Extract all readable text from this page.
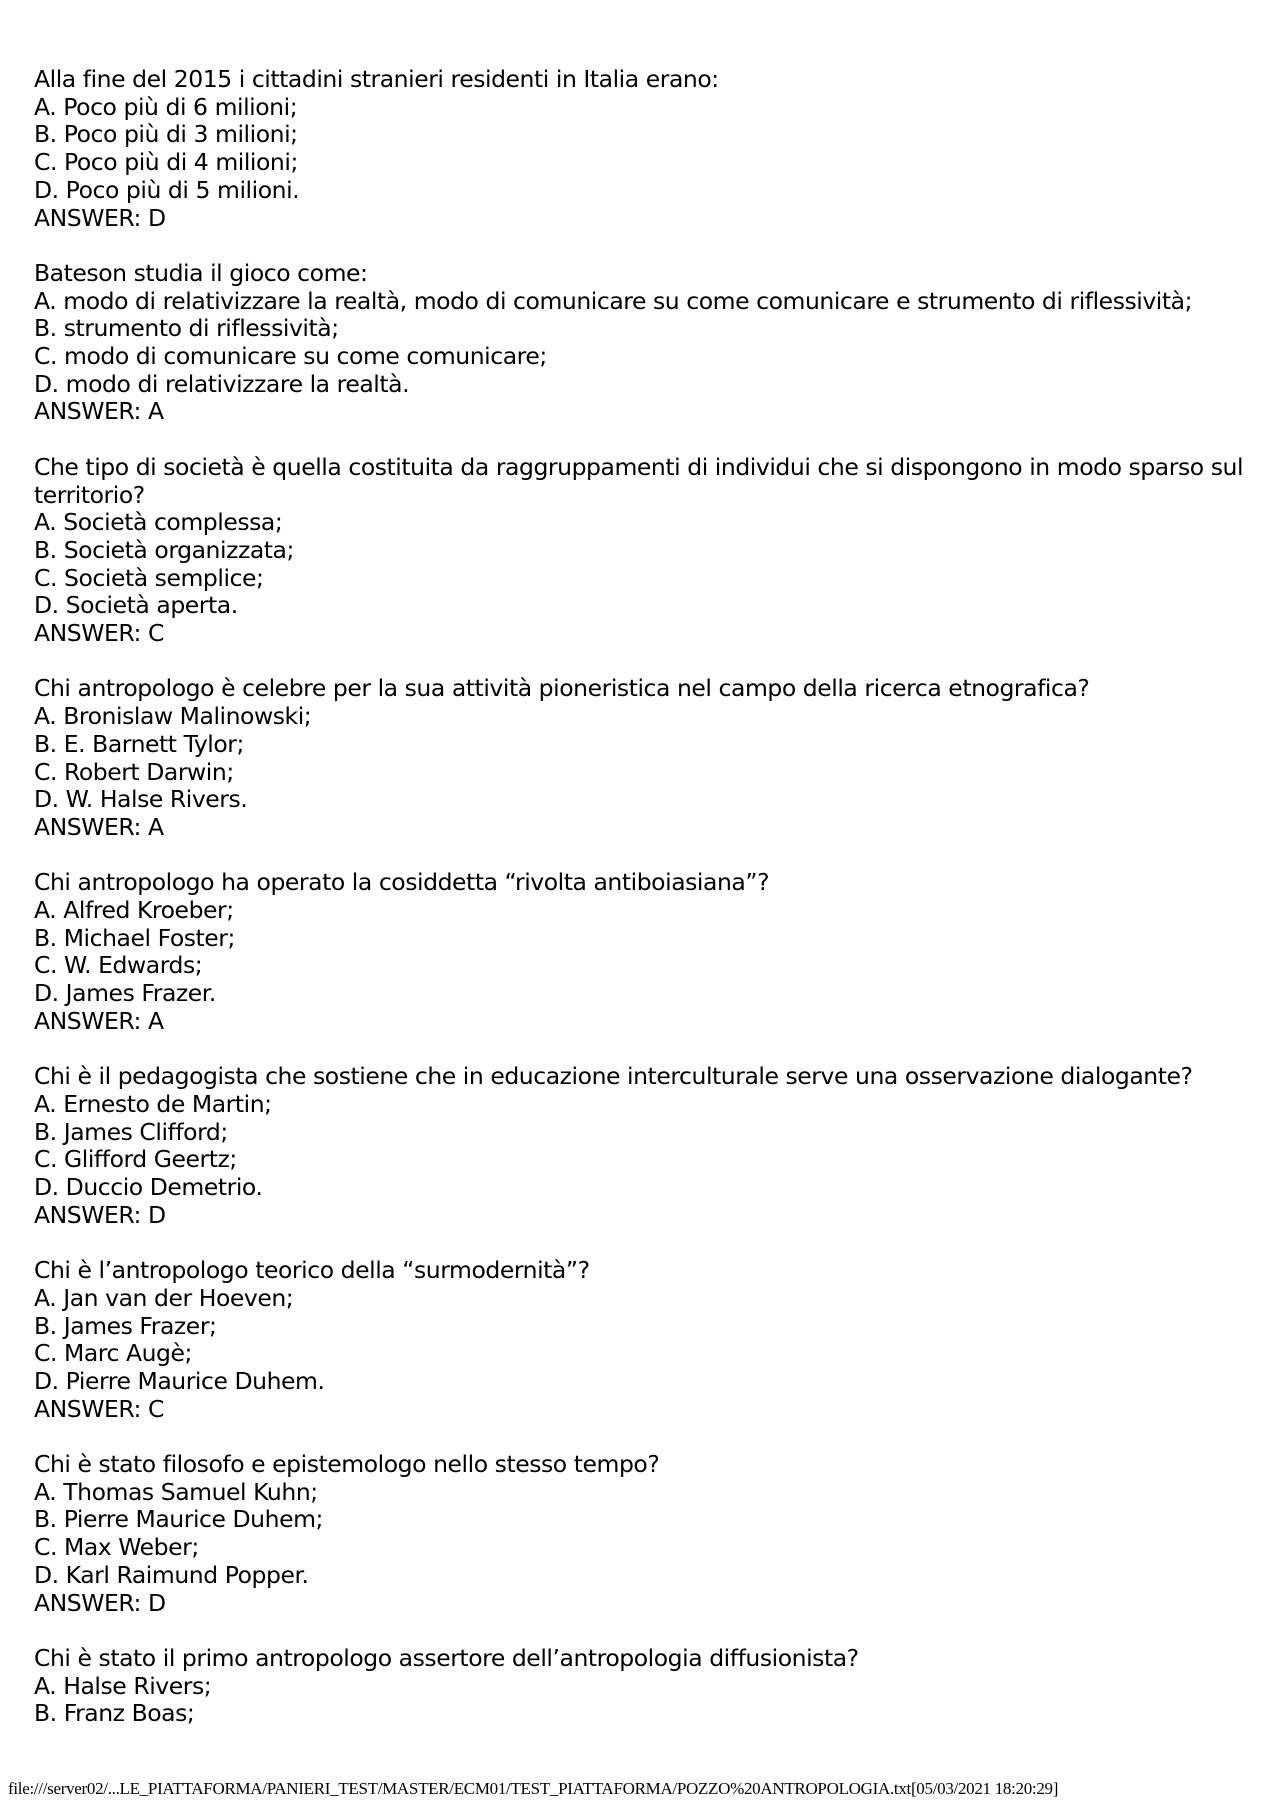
Alla fine del 2015 i cittadini stranieri residenti in Italia erano:
A. Poco più di 6 milioni;
B. Poco più di 3 milioni;
C. Poco più di 4 milioni;
D. Poco più di 5 milioni.
ANSWER: D
Bateson studia il gioco come:
A. modo di relativizzare la realtà, modo di comunicare su come comunicare e strumento di riflessività;
B. strumento di riflessività;
C. modo di comunicare su come comunicare;
D. modo di relativizzare la realtà.
ANSWER: A
Che tipo di società è quella costituita da raggruppamenti di individui che si dispongono in modo sparso sul territorio?
A. Società complessa;
B. Società organizzata;
C. Società semplice;
D. Società aperta.
ANSWER: C
Chi antropologo è celebre per la sua attività pioneristica nel campo della ricerca etnografica?
A. Bronislaw Malinowski;
B. E. Barnett Tylor;
C. Robert Darwin;
D. W. Halse Rivers.
ANSWER: A
Chi antropologo ha operato la cosiddetta “rivolta antiboiasiana”?
A. Alfred Kroeber;
B. Michael Foster;
C. W. Edwards;
D. James Frazer.
ANSWER: A
Chi è il pedagogista che sostiene che in educazione interculturale serve una osservazione dialogante?
A. Ernesto de Martin;
B. James Clifford;
C. Glifford Geertz;
D. Duccio Demetrio.
ANSWER: D
Chi è l’antropologo teorico della “surmodernità”?
A. Jan van der Hoeven;
B. James Frazer;
C. Marc Augè;
D. Pierre Maurice Duhem.
ANSWER: C
Chi è stato filosofo e epistemologo nello stesso tempo?
A. Thomas Samuel Kuhn;
B. Pierre Maurice Duhem;
C. Max Weber;
D. Karl Raimund Popper.
ANSWER: D
Chi è stato il primo antropologo assertore dell’antropologia diffusionista?
A. Halse Rivers;
B. Franz Boas;
file:///server02/...LE_PIATTAFORMA/PANIERI_TEST/MASTER/ECM01/TEST_PIATTAFORMA/POZZO%20ANTROPOLOGIA.txt[05/03/2021 18:20:29]
